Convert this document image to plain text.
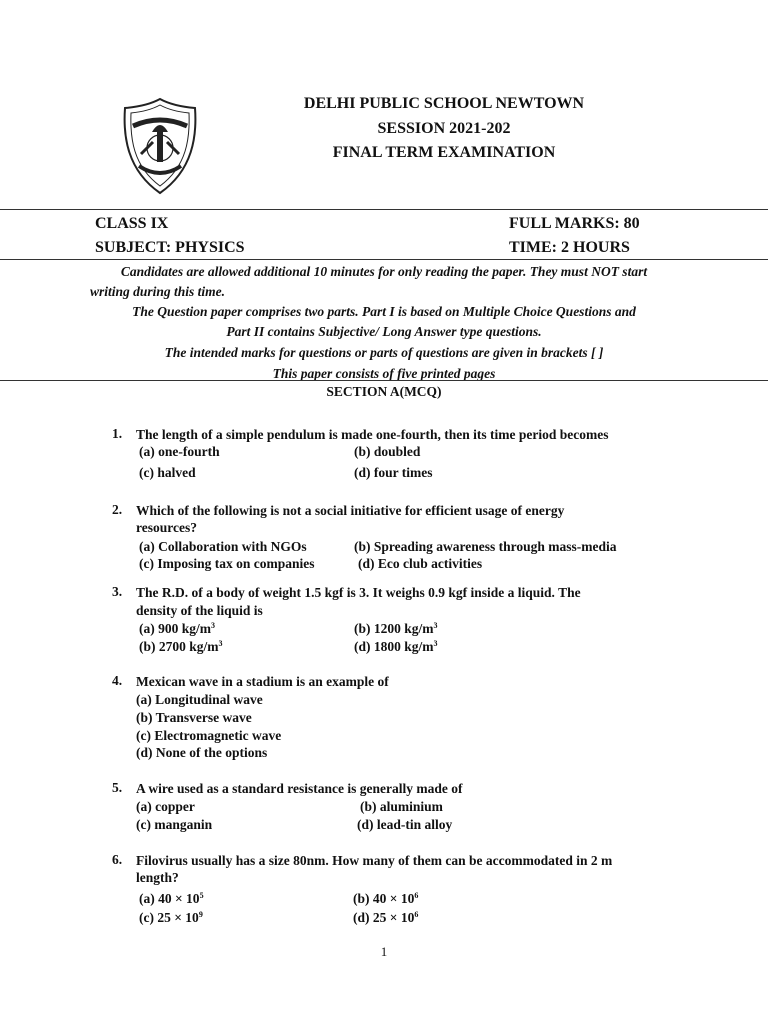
DELHI PUBLIC SCHOOL NEWTOWN
SESSION 2021-202
FINAL TERM EXAMINATION
CLASS IX	FULL MARKS: 80
SUBJECT: PHYSICS	TIME: 2 HOURS
Candidates are allowed additional 10 minutes for only reading the paper. They must NOT start
writing during this time.
The Question paper comprises two parts. Part I is based on Multiple Choice Questions and
Part II contains Subjective/ Long Answer type questions.
The intended marks for questions or parts of questions are given in brackets [ ]
This paper consists of five printed pages
SECTION A(MCQ)
1. The length of a simple pendulum is made one-fourth, then its time period becomes
(a) one-fourth	(b) doubled
(c) halved	(d) four times
2. Which of the following is not a social initiative for efficient usage of energy
resources?
(a) Collaboration with NGOs	(b) Spreading awareness through mass-media
(c) Imposing tax on companies	(d) Eco club activities
3. The R.D. of a body of weight 1.5 kgf is 3. It weighs 0.9 kgf inside a liquid. The
density of the liquid is
(a) 900 $kg/m^3$	(b) 1200 $kg/m^3$
(b) 2700 $kg/m^3$	(d) 1800 $kg/m^3$
4. Mexican wave in a stadium is an example of
(a) Longitudinal wave
(b) Transverse wave
(c) Electromagnetic wave
(d) None of the options
5. A wire used as a standard resistance is generally made of
(a) copper	(b) aluminium
(c) manganin	(d) lead-tin alloy
6. Filovirus usually has a size 80nm. How many of them can be accommodated in 2 m
length?
(a) $40 \times 10^5$	(b) $40 \times 10^6$
(c) $25 \times 10^9$	(d) $25 \times 10^6$
1
